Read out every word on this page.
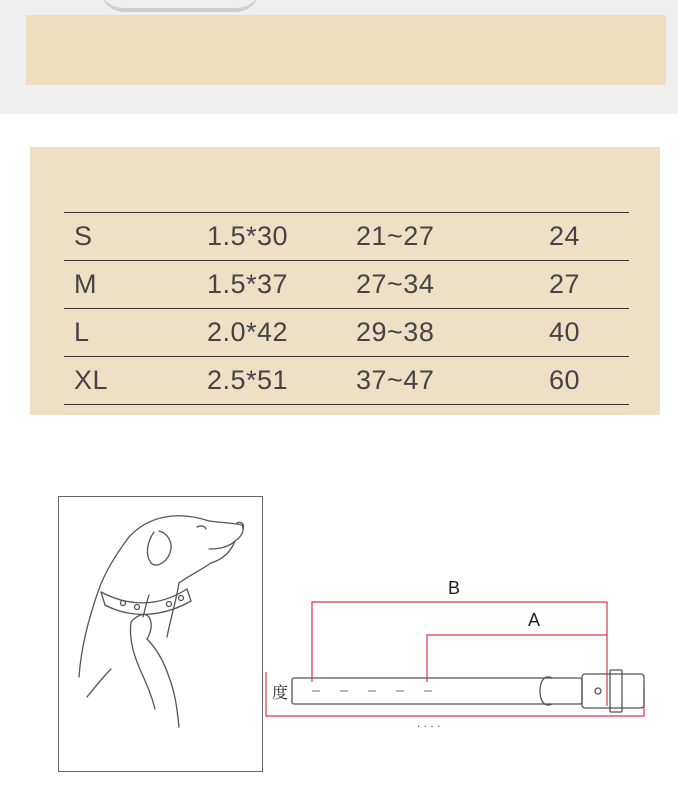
S	1.5*30	21~27	24
M	1.5*37	27~34	27
L	2.0*42	29~38	40
XL	2.5*51	37~47	60
B
A
度
. . . .
